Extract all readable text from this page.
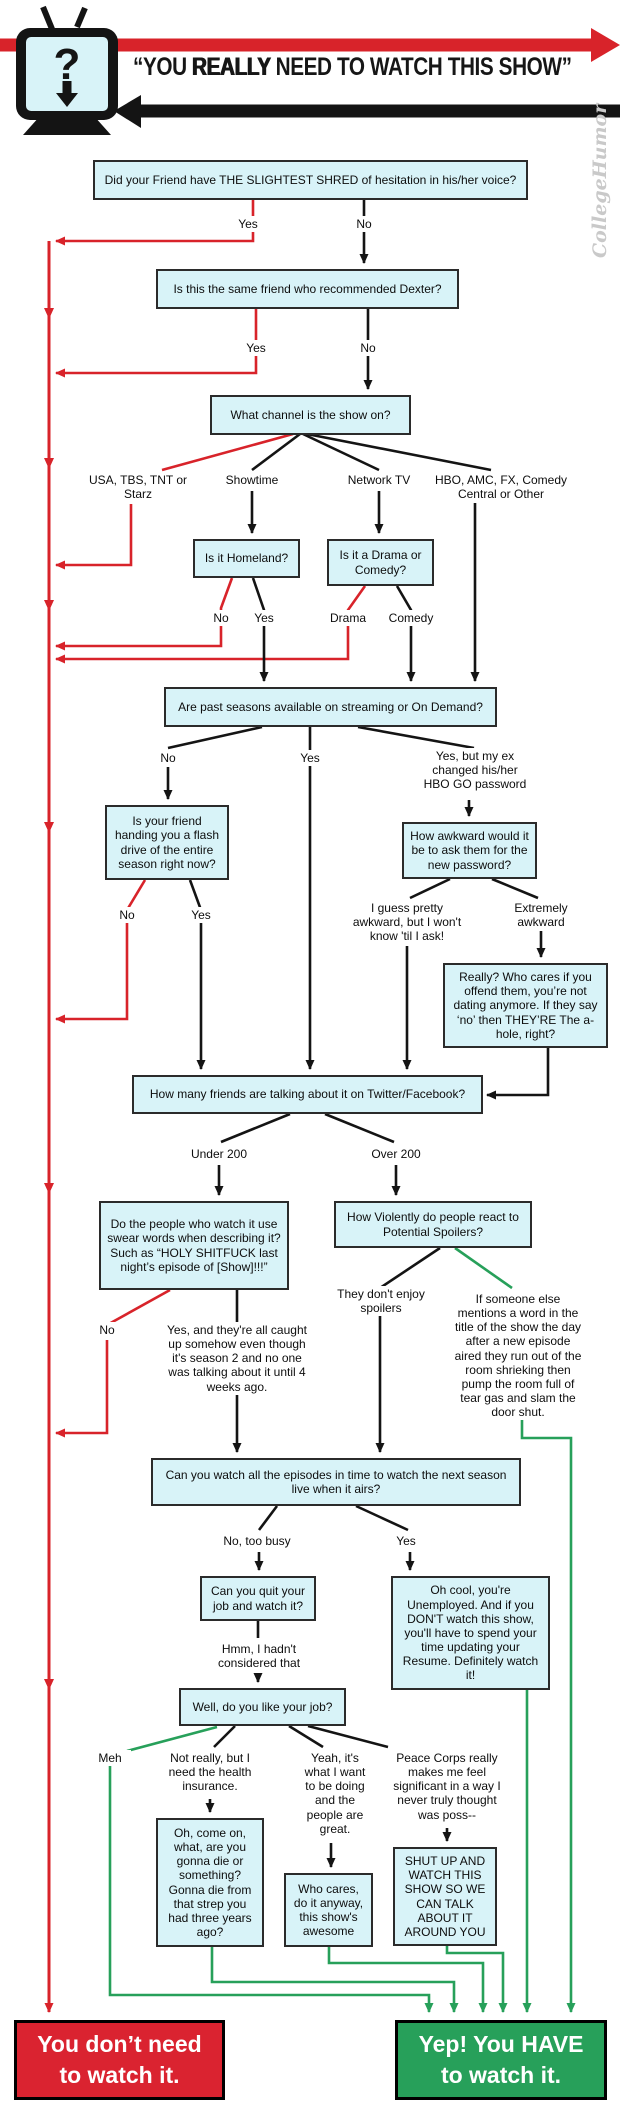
? “YOU REALLY NEED TO WATCH THIS SHOW”
CollegeHumor
Did your Friend have THE SLIGHTEST SHRED of hesitation in his/her voice?
Is this the same friend who recommended Dexter?
What channel is the show on?
Is it Homeland?	Is it a Drama or Comedy?
Are past seasons available on streaming or On Demand?
Is your friend handing you a flash drive of the entire season right now?
How awkward would it be to ask them for the new password?
Really? Who cares if you offend them, you’re not dating anymore. If they say ‘no’ then THEY’RE The a-hole, right?
How many friends are talking about it on Twitter/Facebook?
Do the people who watch it use swear words when describing it? Such as “HOLY SHITFUCK last night’s episode of [Show]!!!”
How Violently do people react to Potential Spoilers?
Can you watch all the episodes in time to watch the next season live when it airs?
Can you quit your job and watch it?
Oh cool, you're Unemployed. And if you DON'T watch this show, you'll have to spend your time updating your Resume. Definitely watch it!
Well, do you like your job?
Oh, come on, what, are you gonna die or something? Gonna die from that strep you had three years ago?
Who cares, do it anyway, this show's awesome
SHUT UP AND WATCH THIS SHOW SO WE CAN TALK ABOUT IT AROUND YOU
Yes	No
Yes	No
USA, TBS, TNT or Starz
Showtime	Network TV	HBO, AMC, FX, Comedy Central or Other
No	Yes	Drama	Comedy
No	Yes	Yes, but my ex changed his/her HBO GO password
No	Yes	I guess pretty awkward, but I won't know 'til I ask!
Extremely awkward
Under 200	Over 200
No	Yes, and they're all caught up somehow even though it's season 2 and no one was talking about it until 4 weeks ago.
They don't enjoy spoilers
If someone else mentions a word in the title of the show the day after a new episode aired they run out of the room shrieking then pump the room full of tear gas and slam the door shut.
No, too busy	Yes
Hmm, I hadn't considered that
Meh	Not really, but I need the health insurance.
Yeah, it's what I want to be doing and the people are great.
Peace Corps really makes me feel significant in a way I never truly thought was poss--
You don’t need
to watch it.
Yep! You HAVE
to watch it.
